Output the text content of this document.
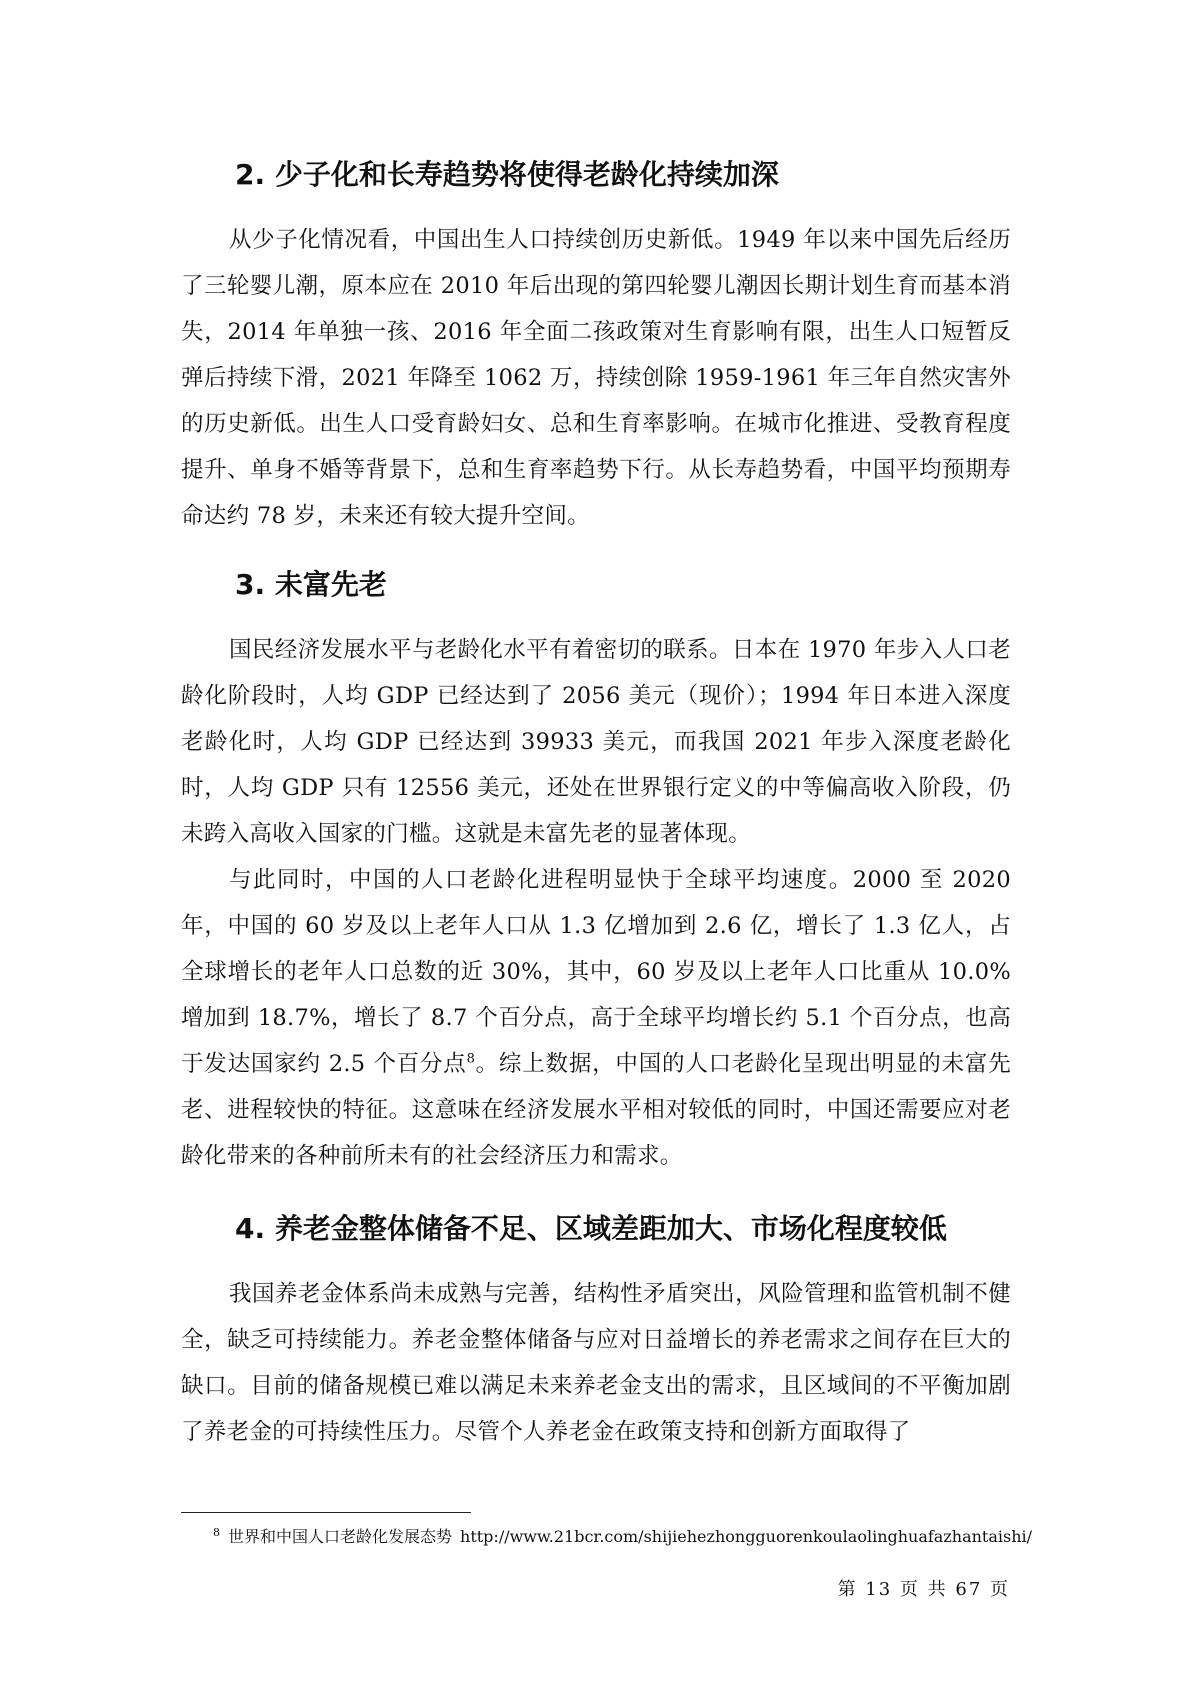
2. 少子化和长寿趋势将使得老龄化持续加深

从少子化情况看，中国出生人口持续创历史新低。1949 年以来中国先后经历了三轮婴儿潮，原本应在 2010 年后出现的第四轮婴儿潮因长期计划生育而基本消失，2014 年单独一孩、2016 年全面二孩政策对生育影响有限，出生人口短暂反弹后持续下滑，2021 年降至 1062 万，持续创除 1959-1961 年三年自然灾害外的历史新低。出生人口受育龄妇女、总和生育率影响。在城市化推进、受教育程度提升、单身不婚等背景下，总和生育率趋势下行。从长寿趋势看，中国平均预期寿命达约 78 岁，未来还有较大提升空间。

3. 未富先老

国民经济发展水平与老龄化水平有着密切的联系。日本在 1970 年步入人口老龄化阶段时，人均 GDP 已经达到了 2056 美元（现价）；1994 年日本进入深度老龄化时，人均 GDP 已经达到 39933 美元，而我国 2021 年步入深度老龄化时，人均 GDP 只有 12556 美元，还处在世界银行定义的中等偏高收入阶段，仍未跨入高收入国家的门槛。这就是未富先老的显著体现。

与此同时，中国的人口老龄化进程明显快于全球平均速度。2000 至 2020 年，中国的 60 岁及以上老年人口从 1.3 亿增加到 2.6 亿，增长了 1.3 亿人，占全球增长的老年人口总数的近 30%，其中，60 岁及以上老年人口比重从 10.0%增加到 18.7%，增长了 8.7 个百分点，高于全球平均增长约 5.1 个百分点，也高于发达国家约 2.5 个百分点$^8$。综上数据，中国的人口老龄化呈现出明显的未富先老、进程较快的特征。这意味在经济发展水平相对较低的同时，中国还需要应对老龄化带来的各种前所未有的社会经济压力和需求。

4. 养老金整体储备不足、区域差距加大、市场化程度较低

我国养老金体系尚未成熟与完善，结构性矛盾突出，风险管理和监管机制不健全，缺乏可持续能力。养老金整体储备与应对日益增长的养老需求之间存在巨大的缺口。目前的储备规模已难以满足未来养老金支出的需求，且区域间的不平衡加剧了养老金的可持续性压力。尽管个人养老金在政策支持和创新方面取得了

$^8$ 世界和中国人口老龄化发展态势 http://www.21bcr.com/shijiehezhongguorenkoulaolinghuafazhantaishi/
第 13 页 共 67 页
